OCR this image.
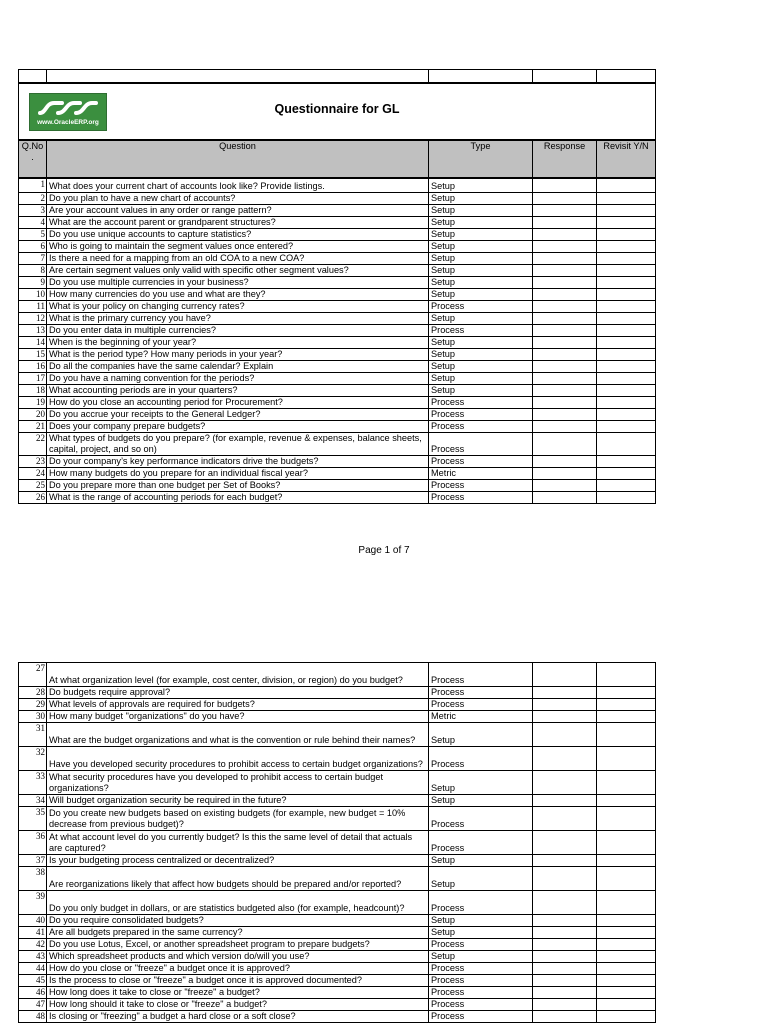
www.OracleERP.org
Questionnaire for GL				

Q.No .	Question	Type	Response	Revisit Y/N
1	What does your current chart of accounts look like? Provide listings.	Setup		
2	Do you plan to have a new chart of accounts?	Setup		
3	Are your account values in any order or range pattern?	Setup		
4	What are the account parent or grandparent structures?	Setup		
5	Do you use unique accounts to capture statistics?	Setup		
6	Who is going to maintain the segment values once entered?	Setup		
7	Is there a need for a mapping from an old COA to a new COA?	Setup		
8	Are certain segment values only valid with specific other segment values?	Setup		
9	Do you use multiple currencies in your business?	Setup		
10	How many currencies do you use and what are they?	Setup		
11	What is your policy on changing currency rates?	Process		
12	What is the primary currency you have?	Setup		
13	Do you enter data in multiple currencies?	Process		
14	When is the beginning of your year?	Setup		
15	What is the period type? How many periods in your year?	Setup		
16	Do all the companies have the same calendar? Explain	Setup		
17	Do you have a naming convention for the periods?	Setup		
18	What accounting periods are in your quarters?	Setup		
19	How do you close an accounting period for Procurement?	Process		
20	Do you accrue your receipts to the General Ledger?	Process		
21	Does your company prepare budgets?	Process		
22	What types of budgets do you prepare? (for example, revenue & expenses, balance sheets, capital, project, and so on)	Process		
23	Do your company’s key performance indicators drive the budgets?	Process		
24	How many budgets do you prepare for an individual fiscal year?	Metric		
25	Do you prepare more than one budget per Set of Books?	Process		
26	What is the range of accounting periods for each budget?	Process		
Page 1 of 7
27	At what organization level (for example, cost center, division, or region) do you budget?	Process		
28	Do budgets require approval?	Process		
29	What levels of approvals are required for budgets?	Process		
30	How many budget "organizations" do you have?	Metric		
31	What are the budget organizations and what is the convention or rule behind their names?	Setup		
32	Have you developed security procedures to prohibit access to certain budget organizations?	Process		
33	What security procedures have you developed to prohibit access to certain budget organizations?	Setup		
34	Will budget organization security be required in the future?	Setup		
35	Do you create new budgets based on existing budgets (for example, new budget = 10% decrease from previous budget)?	Process		
36	At what account level do you currently budget? Is this the same level of detail that actuals are captured?	Process		
37	Is your budgeting process centralized or decentralized?	Setup		
38	Are reorganizations likely that affect how budgets should be prepared and/or reported?	Setup		
39	Do you only budget in dollars, or are statistics budgeted also (for example, headcount)?	Process		
40	Do you require consolidated budgets?	Setup		
41	Are all budgets prepared in the same currency?	Setup		
42	Do you use Lotus, Excel, or another spreadsheet program to prepare budgets?	Process		
43	Which spreadsheet products and which version do/will you use?	Setup		
44	How do you close or "freeze" a budget once it is approved?	Process		
45	Is the process to close or "freeze" a budget once it is approved documented?	Process		
46	How long does it take to close or "freeze" a budget?	Process		
47	How long should it take to close or "freeze" a budget?	Process		
48	Is closing or "freezing" a budget a hard close or a soft close?	Process		
